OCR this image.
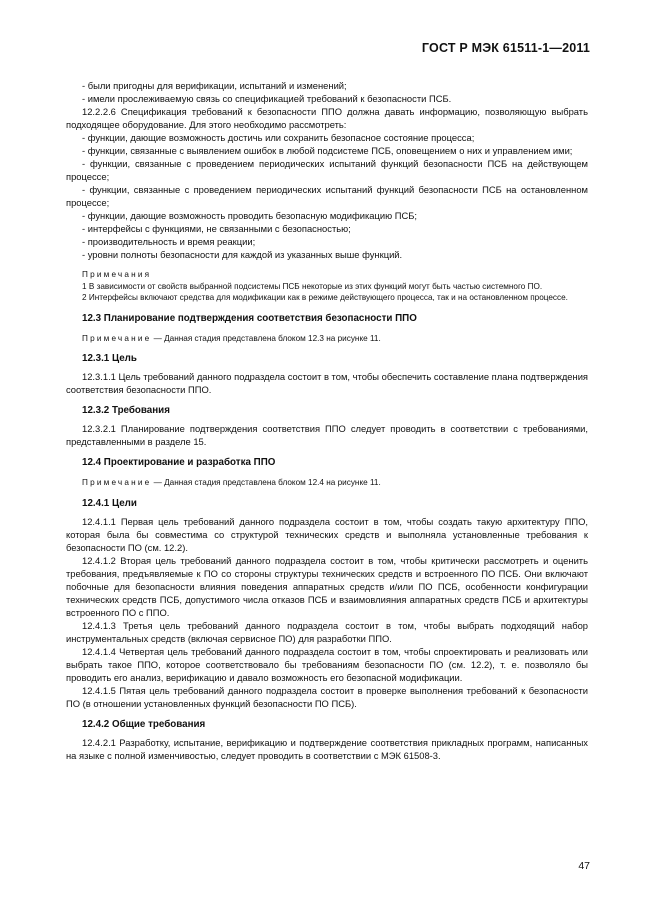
ГОСТ Р МЭК 61511-1—2011

- были пригодны для верификации, испытаний и изменений;

- имели прослеживаемую связь со спецификацией требований к безопасности ПСБ.

12.2.2.6 Спецификация требований к безопасности ППО должна давать информацию, позволяющую выбрать подходящее оборудование. Для этого необходимо рассмотреть:

- функции, дающие возможность достичь или сохранить безопасное состояние процесса;

- функции, связанные с выявлением ошибок в любой подсистеме ПСБ, оповещением о них и управлением ими;

- функции, связанные с проведением периодических испытаний функций безопасности ПСБ на действующем процессе;

- функции, связанные с проведением периодических испытаний функций безопасности ПСБ на остановленном процессе;

- функции, дающие возможность проводить безопасную модификацию ПСБ;

- интерфейсы с функциями, не связанными с безопасностью;

- производительность и время реакции;

- уровни полноты безопасности для каждой из указанных выше функций.

Примечания

1 В зависимости от свойств выбранной подсистемы ПСБ некоторые из этих функций могут быть частью системного ПО.

2 Интерфейсы включают средства для модификации как в режиме действующего процесса, так и на остановленном процессе.

12.3 Планирование подтверждения соответствия безопасности ППО

Примечание — Данная стадия представлена блоком 12.3 на рисунке 11.

12.3.1 Цель

12.3.1.1 Цель требований данного подраздела состоит в том, чтобы обеспечить составление плана подтверждения соответствия безопасности ППО.

12.3.2 Требования

12.3.2.1 Планирование подтверждения соответствия ППО следует проводить в соответствии с требованиями, представленными в разделе 15.

12.4 Проектирование и разработка ППО

Примечание — Данная стадия представлена блоком 12.4 на рисунке 11.

12.4.1 Цели

12.4.1.1 Первая цель требований данного подраздела состоит в том, чтобы создать такую архитектуру ППО, которая была бы совместима со структурой технических средств и выполняла установленные требования к безопасности ПО (см. 12.2).

12.4.1.2 Вторая цель требований данного подраздела состоит в том, чтобы критически рассмотреть и оценить требования, предъявляемые к ПО со стороны структуры технических средств и встроенного ПО ПСБ. Они включают побочные для безопасности влияния поведения аппаратных средств и/или ПО ПСБ, особенности конфигурации технических средств ПСБ, допустимого числа отказов ПСБ и взаимовлияния аппаратных средств ПСБ и архитектуры встроенного ПО с ППО.

12.4.1.3 Третья цель требований данного подраздела состоит в том, чтобы выбрать подходящий набор инструментальных средств (включая сервисное ПО) для разработки ППО.

12.4.1.4 Четвертая цель требований данного подраздела состоит в том, чтобы спроектировать и реализовать или выбрать такое ППО, которое соответствовало бы требованиям безопасности ПО (см. 12.2), т. е. позволяло бы проводить его анализ, верификацию и давало возможность его безопасной модификации.

12.4.1.5 Пятая цель требований данного подраздела состоит в проверке выполнения требований к безопасности ПО (в отношении установленных функций безопасности ПО ПСБ).

12.4.2 Общие требования

12.4.2.1 Разработку, испытание, верификацию и подтверждение соответствия прикладных программ, написанных на языке с полной изменчивостью, следует проводить в соответствии с МЭК 61508-3.

47
